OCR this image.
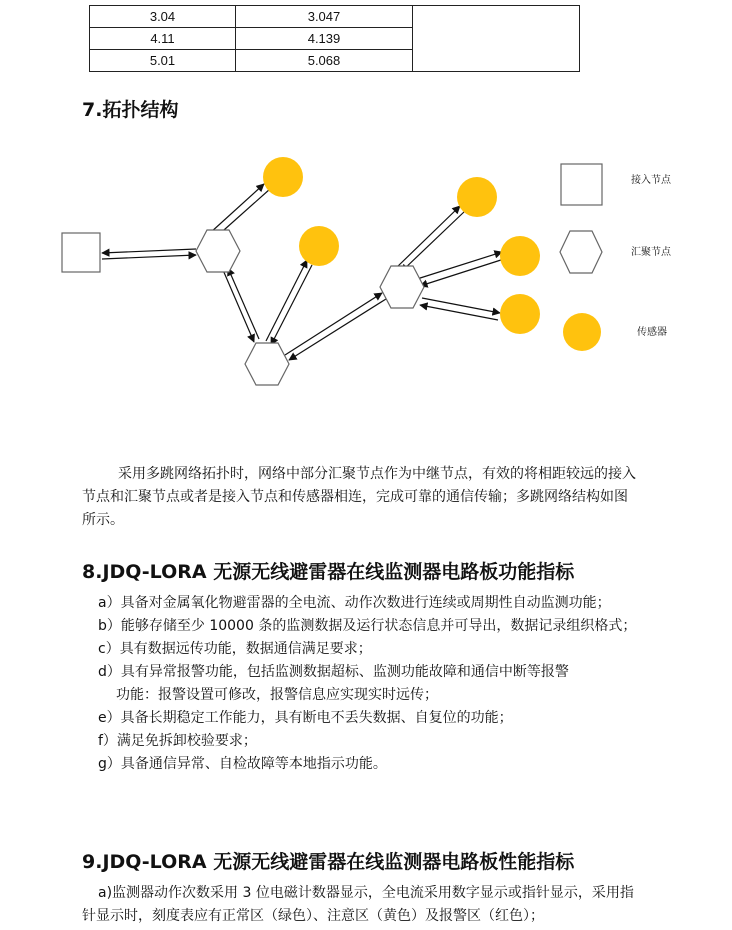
3.04	3.047	
4.11	4.139	
5.01	5.068	
7.拓扑结构
接入节点
汇聚节点
传感器

采用多跳网络拓扑时，网络中部分汇聚节点作为中继节点，有效的将相距较远的接入节点和汇聚节点或者是接入节点和传感器相连，完成可靠的通信传输；多跳网络结构如图所示。

8.JDQ-LORA 无源无线避雷器在线监测器电路板功能指标

a）具备对金属氧化物避雷器的全电流、动作次数进行连续或周期性自动监测功能；

b）能够存储至少 10000 条的监测数据及运行状态信息并可导出，数据记录组织格式；

c）具有数据远传功能，数据通信满足要求；

d）具有异常报警功能，包括监测数据超标、监测功能故障和通信中断等报警

功能：报警设置可修改，报警信息应实现实时远传；

e）具备长期稳定工作能力，具有断电不丢失数据、自复位的功能；

f）满足免拆卸校验要求；

g）具备通信异常、自检故障等本地指示功能。

9.JDQ-LORA 无源无线避雷器在线监测器电路板性能指标

a)监测器动作次数采用 3 位电磁计数器显示，全电流采用数字显示或指针显示，采用指针显示时，刻度表应有正常区（绿色）、注意区（黄色）及报警区（红色）；
